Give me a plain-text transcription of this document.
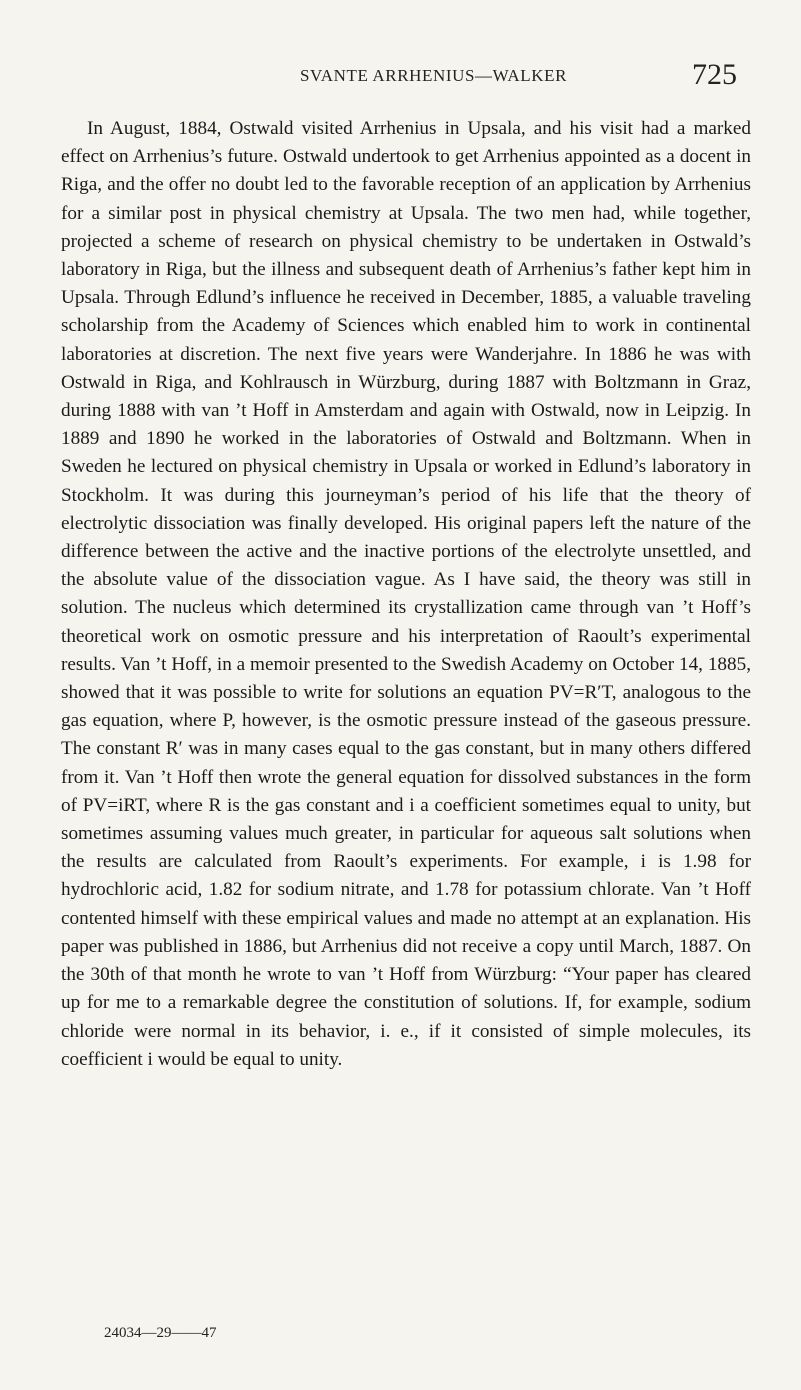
SVANTE ARRHENIUS—WALKER	725

In August, 1884, Ostwald visited Arrhenius in Upsala, and his visit had a marked effect on Arrhenius’s future. Ostwald undertook to get Arrhenius appointed as a docent in Riga, and the offer no doubt led to the favorable reception of an application by Arrhenius for a similar post in physical chemistry at Upsala. The two men had, while together, projected a scheme of research on physical chemistry to be undertaken in Ostwald’s laboratory in Riga, but the illness and subsequent death of Arrhenius’s father kept him in Upsala. Through Edlund’s influence he received in December, 1885, a valuable traveling scholarship from the Academy of Sciences which enabled him to work in continental laboratories at discretion. The next five years were Wanderjahre. In 1886 he was with Ostwald in Riga, and Kohlrausch in Würzburg, during 1887 with Boltzmann in Graz, during 1888 with van ’t Hoff in Amsterdam and again with Ostwald, now in Leipzig. In 1889 and 1890 he worked in the laboratories of Ostwald and Boltzmann. When in Sweden he lectured on physical chemistry in Upsala or worked in Edlund’s laboratory in Stockholm. It was during this journeyman’s period of his life that the theory of electrolytic dissociation was finally developed. His original papers left the nature of the difference between the active and the inactive portions of the electrolyte unsettled, and the absolute value of the dissociation vague. As I have said, the theory was still in solution. The nucleus which determined its crystallization came through van ’t Hoff’s theoretical work on osmotic pressure and his interpretation of Raoult’s experimental results. Van ’t Hoff, in a memoir presented to the Swedish Academy on October 14, 1885, showed that it was possible to write for solutions an equation PV=R′T, analogous to the gas equation, where P, however, is the osmotic pressure instead of the gaseous pressure. The constant R′ was in many cases equal to the gas constant, but in many others differed from it. Van ’t Hoff then wrote the general equation for dissolved substances in the form of PV=iRT, where R is the gas constant and i a coefficient sometimes equal to unity, but sometimes assuming values much greater, in particular for aqueous salt solutions when the results are calculated from Raoult’s experiments. For example, i is 1.98 for hydrochloric acid, 1.82 for sodium nitrate, and 1.78 for potassium chlorate. Van ’t Hoff contented himself with these empirical values and made no attempt at an explanation. His paper was published in 1886, but Arrhenius did not receive a copy until March, 1887. On the 30th of that month he wrote to van ’t Hoff from Würzburg: “Your paper has cleared up for me to a remarkable degree the constitution of solutions. If, for example, sodium chloride were normal in its behavior, i. e., if it consisted of simple molecules, its coefficient i would be equal to unity.

24034—29——47
